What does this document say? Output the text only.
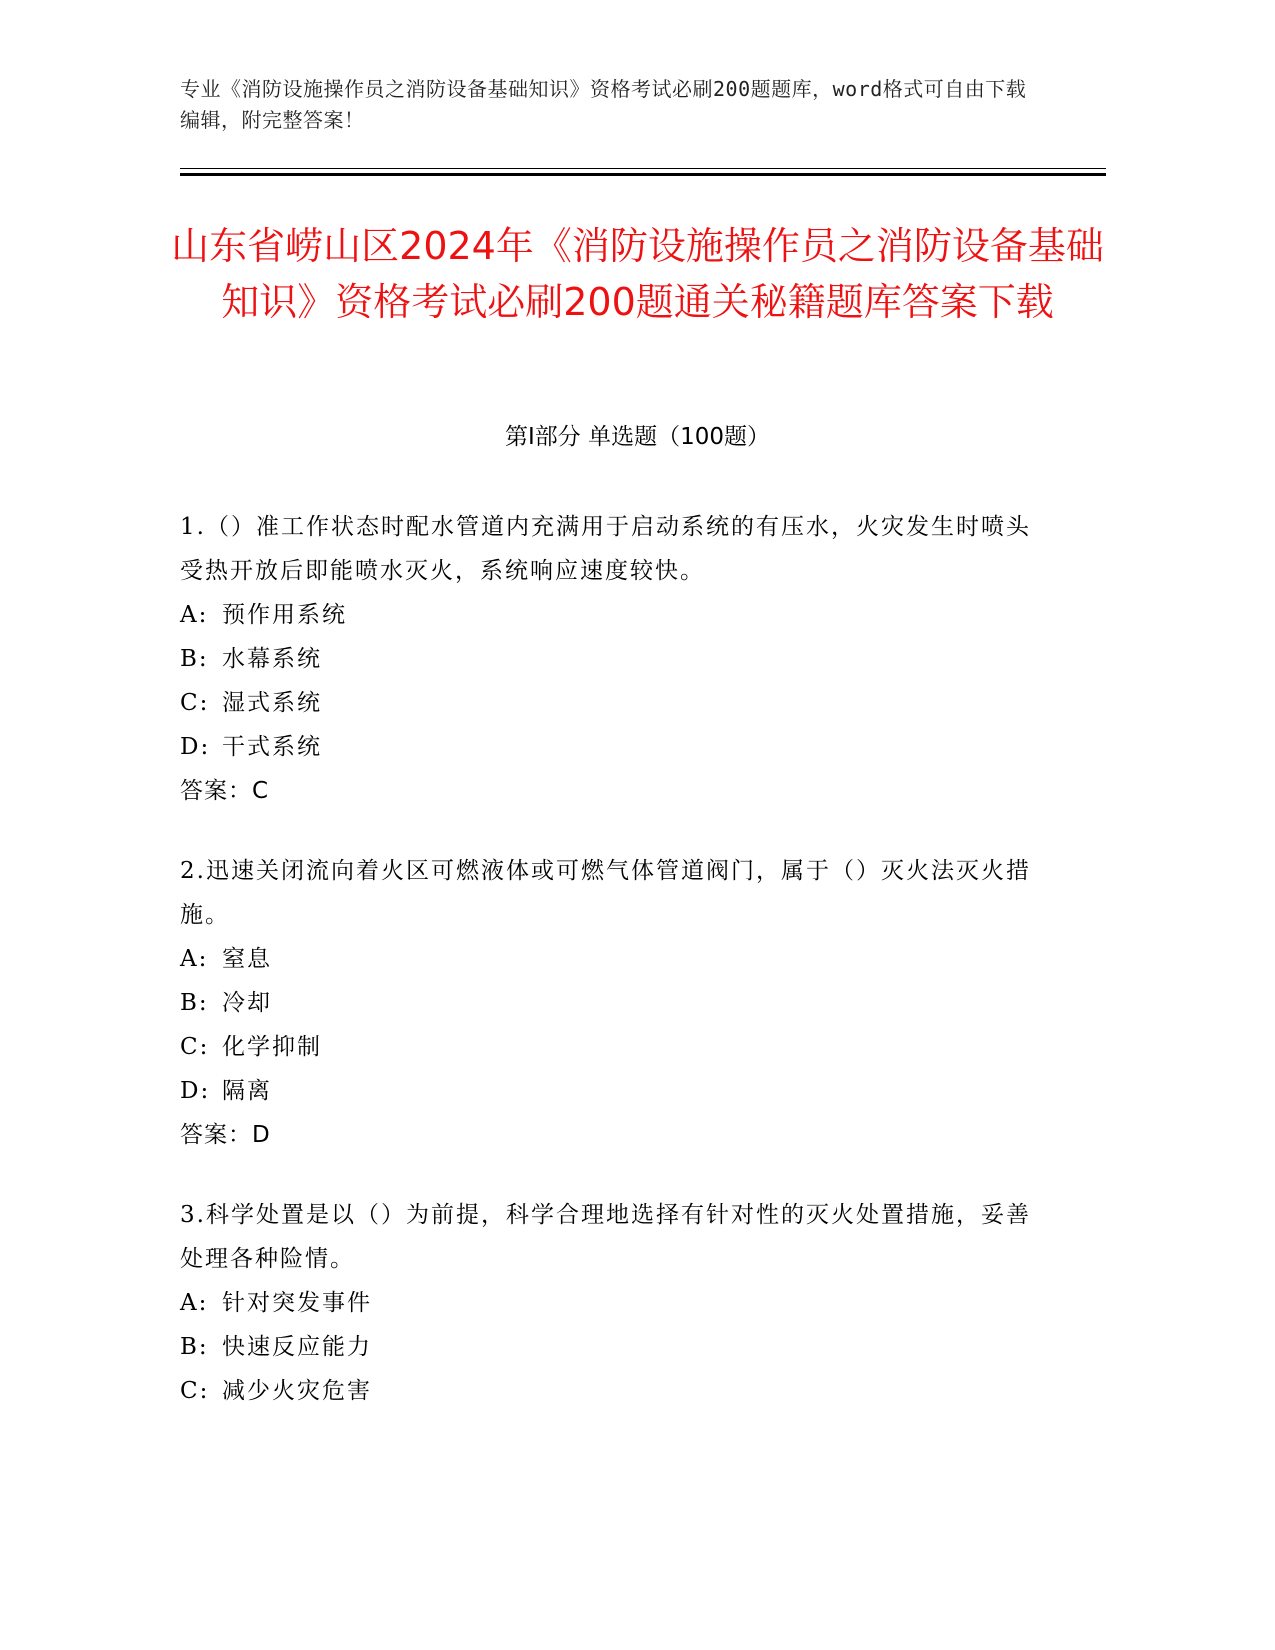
专业《消防设施操作员之消防设备基础知识》资格考试必刷200题题库，word格式可自由下载编辑，附完整答案！
山东省崂山区2024年《消防设施操作员之消防设备基础知识》资格考试必刷200题通关秘籍题库答案下载
第Ⅰ部分 单选题（100题）

1.（）准工作状态时配水管道内充满用于启动系统的有压水，火灾发生时喷头受热开放后即能喷水灭火，系统响应速度较快。

A: 预作用系统
B: 水幕系统
C: 湿式系统
D: 干式系统
答案：C

2.迅速关闭流向着火区可燃液体或可燃气体管道阀门，属于（）灭火法灭火措施。

A: 窒息
B: 冷却
C: 化学抑制
D: 隔离
答案：D

3.科学处置是以（）为前提，科学合理地选择有针对性的灭火处置措施，妥善处理各种险情。

A: 针对突发事件
B: 快速反应能力
C: 减少火灾危害
